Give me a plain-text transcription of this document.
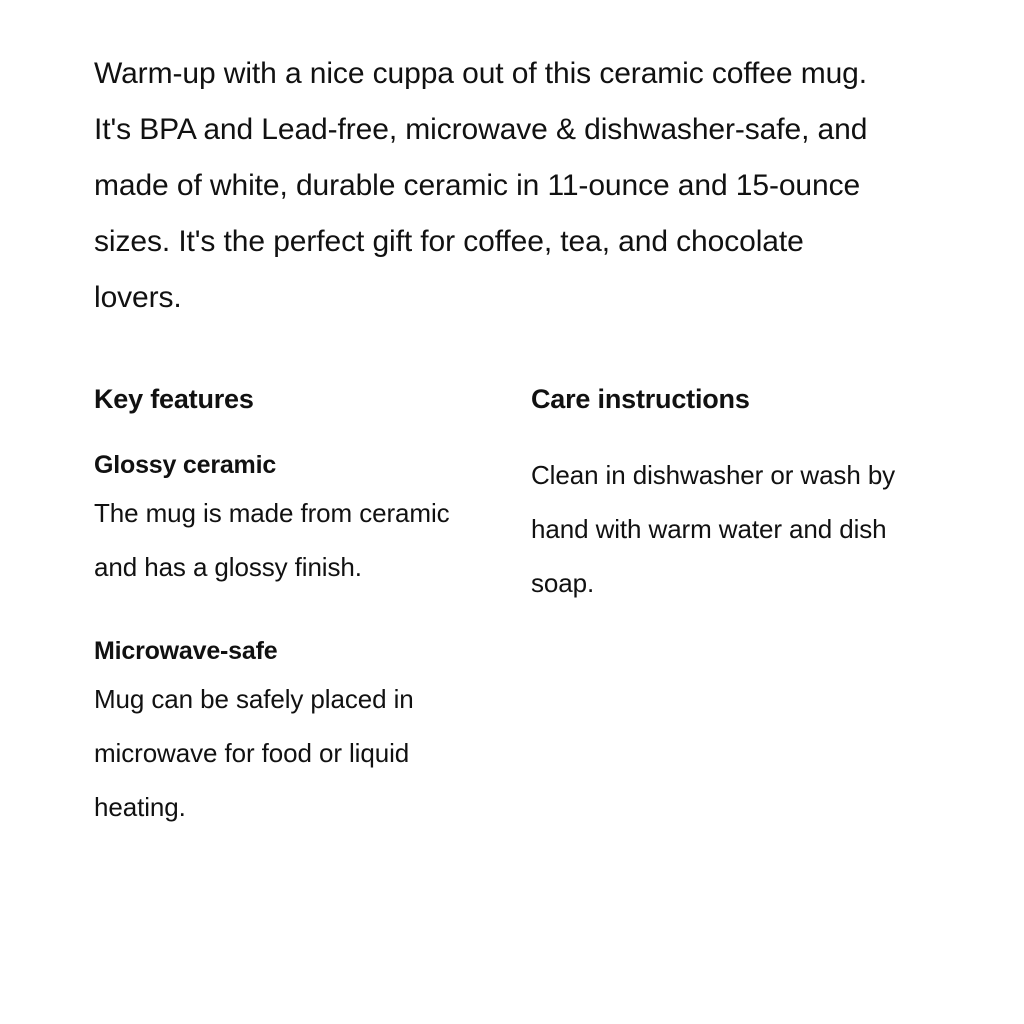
Warm-up with a nice cuppa out of this ceramic coffee mug. It's BPA and Lead-free, microwave & dishwasher-safe, and made of white, durable ceramic in 11-ounce and 15-ounce sizes. It's the perfect gift for coffee, tea, and chocolate lovers.

Key features
Glossy ceramic

The mug is made from ceramic and has a glossy finish.

Microwave-safe

Mug can be safely placed in microwave for food or liquid heating.

Care instructions

Clean in dishwasher or wash by hand with warm water and dish soap.
